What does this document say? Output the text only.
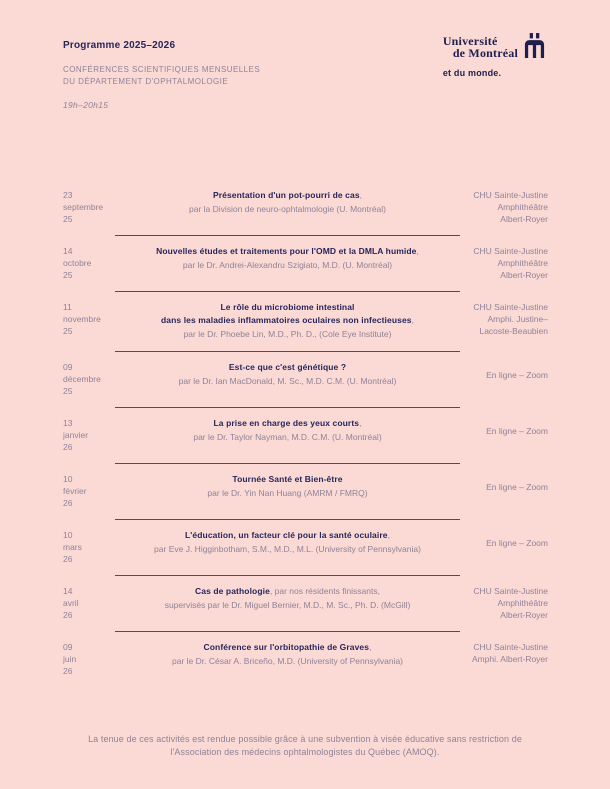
Programme 2025–2026
CONFÉRENCES SCIENTIFIQUES MENSUELLES
DU DÉPARTEMENT D'OPHTALMOLOGIE
19h–20h15
Université
de Montréal
et du monde.
23
septembre
25
Présentation d'un pot-pourri de cas,
par la Division de neuro-ophtalmologie (U. Montréal)
CHU Sainte-Justine
Amphithéâtre
Albert-Royer
14
octobre
25
Nouvelles études et traitements pour l'OMD et la DMLA humide,
par le Dr. Andrei-Alexandru Szigiato, M.D. (U. Montréal)
CHU Sainte-Justine
Amphithéâtre
Albert-Royer
11
novembre
25
Le rôle du microbiome intestinal
dans les maladies inflammatoires oculaires non infectieuses,
par le Dr. Phoebe Lin, M.D., Ph. D., (Cole Eye Institute)
CHU Sainte-Justine
Amphi. Justine–
Lacoste-Beaubien
09
décembre
25
Est-ce que c'est génétique ?
par le Dr. Ian MacDonald, M. Sc., M.D. C.M. (U. Montréal)
En ligne – Zoom
13
janvier
26
La prise en charge des yeux courts,
par le Dr. Taylor Nayman, M.D. C.M. (U. Montréal)
En ligne – Zoom
10
février
26
Tournée Santé et Bien-être
par le Dr. Yin Nan Huang (AMRM / FMRQ)
En ligne – Zoom
10
mars
26
L'éducation, un facteur clé pour la santé oculaire,
par Eve J. Higginbotham, S.M., M.D., M.L. (University of Pennsylvania)
En ligne – Zoom
14
avril
26
Cas de pathologie, par nos résidents finissants,
supervisés par le Dr. Miguel Bernier, M.D., M. Sc., Ph. D. (McGill)
CHU Sainte-Justine
Amphithéâtre
Albert-Royer
09
juin
26
Conférence sur l'orbitopathie de Graves,
par le Dr. César A. Briceño, M.D. (University of Pennsylvania)
CHU Sainte-Justine
Amphi. Albert-Royer
La tenue de ces activités est rendue possible grâce à une subvention à visée éducative sans restriction de
l'Association des médecins ophtalmologistes du Québec (AMOQ).
